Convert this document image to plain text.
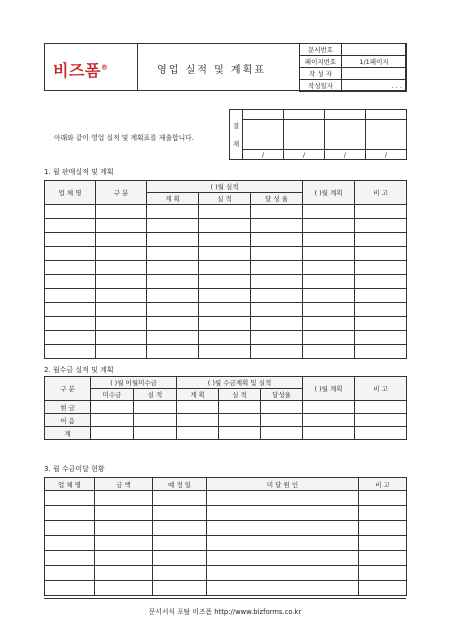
비즈폼®	영업 실적 및 계획표
문서번호	
페이지번호	1/1페이지
작 성 자	
작성일자	. . .
아래와 같이 영업 실적 및 계획표를 제출합니다.
결
재				

	/	/	/	/
1. 월 판매실적 및 계획
업 체 명	구 분	( )월 실적			( )월 계획	비 고
		계 획	실 적	달 성 율		

2. 월수금 실적 및 계획
구 분	( )월 이월미수금		( )월 수금계획 및 실적			( )월 계획	비 고
	미수금	실 적	계 획	실 적	달성율		
현 금							
어 음							
계							
3. 월 수금미달 현황
업 체 명	금 액	예 정 일	미 달 원 인	비 고

문서서식 포탈 비즈폼 http://www.bizforms.co.kr
